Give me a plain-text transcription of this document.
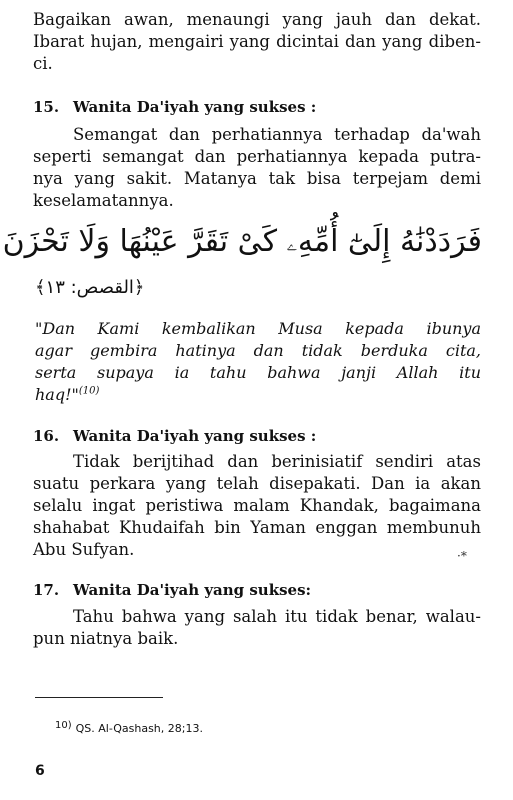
Bagaikan awan, menaungi yang jauh dan dekat.
Ibarat hujan, mengairi yang dicintai dan yang diben-
ci.
15. Wanita Da'iyah yang sukses :
Semangat dan perhatiannya terhadap da'wah
seperti semangat dan perhatiannya kepada putra-
nya yang sakit. Matanya tak bisa terpejam demi
keselamatannya.
فَرَدَدْنَٰهُ إِلَىٰٓ أُمِّهِۦ كَىْ تَقَرَّ عَيْنُهَا وَلَا تَحْزَنَ
﴿القصص: ١٣﴾
"Dan Kami kembalikan Musa kepada ibunya
agar gembira hatinya dan tidak berduka cita,
serta supaya ia tahu bahwa janji Allah itu
haq!"$^{(10)}$
16. Wanita Da'iyah yang sukses :
Tidak berijtihad dan berinisiatif sendiri atas
suatu perkara yang telah disepakati. Dan ia akan
selalu ingat peristiwa malam Khandak, bagaimana
shahabat Khudaifah bin Yaman enggan membunuh
Abu Sufyan.	·*
17. Wanita Da'iyah yang sukses:
Tahu bahwa yang salah itu tidak benar, walau-
pun niatnya baik.
10) QS. Al-Qashash, 28;13.
6
